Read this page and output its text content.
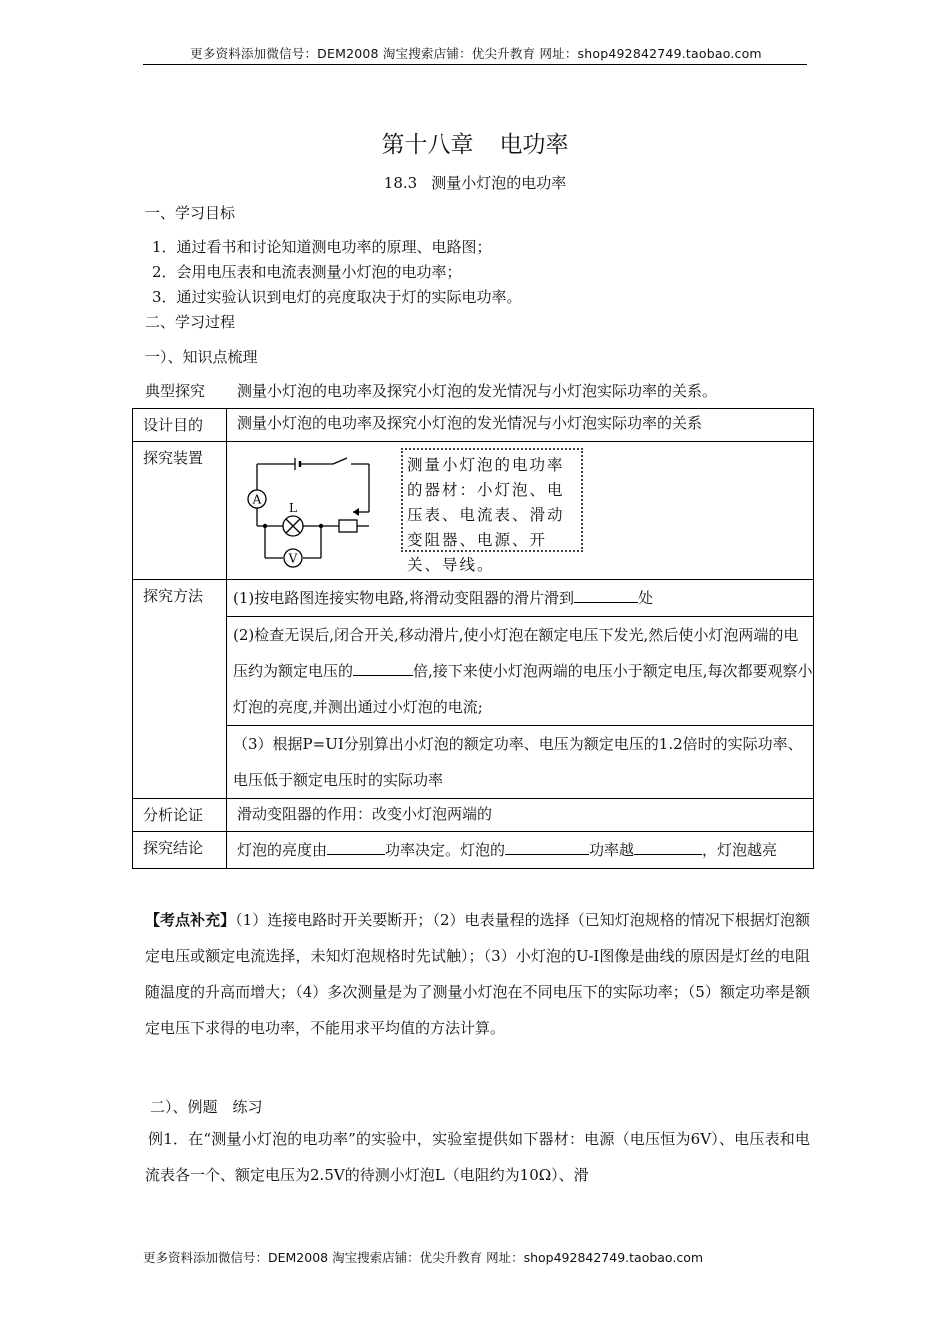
更多资料添加微信号：DEM2008 淘宝搜索店铺：优尖升教育 网址：shop492842749.taobao.com
第十八章 电功率
18.3 测量小灯泡的电功率
一、学习目标
1．通过看书和讨论知道测电功率的原理、电路图；
2．会用电压表和电流表测量小灯泡的电功率；
3．通过实验认识到电灯的亮度取决于灯的实际电功率。
二、学习过程
一）、知识点梳理
典型探究 测量小灯泡的电功率及探究小灯泡的发光情况与小灯泡实际功率的关系。
设计目的	测量小灯泡的电功率及探究小灯泡的发光情况与小灯泡实际功率的关系
探究装置	A
L
V
测量小灯泡的电功率的器材：小灯泡、电压表、电流表、滑动变阻器、电源、开关、导线。

探究方法	(1)按电路图连接实物电路,将滑动变阻器的滑片滑到 处
	(2)检查无误后,闭合开关,移动滑片,使小灯泡在额定电压下发光,然后使小灯泡两端的电压约为额定电压的 倍,接下来使小灯泡两端的电压小于额定电压,每次都要观察小灯泡的亮度,并测出通过小灯泡的电流;
	（3）根据P=UI分别算出小灯泡的额定功率、电压为额定电压的1.2倍时的实际功率、电压低于额定电压时的实际功率
分析论证	滑动变阻器的作用：改变小灯泡两端的
探究结论	灯泡的亮度由 功率决定。灯泡的 功率越 ，灯泡越亮
【考点补充】（1）连接电路时开关要断开；（2）电表量程的选择（已知灯泡规格的情况下根据灯泡额定电压或额定电流选择，未知灯泡规格时先试触）；（3）小灯泡的U-I图像是曲线的原因是灯丝的电阻随温度的升高而增大；（4）多次测量是为了测量小灯泡在不同电压下的实际功率；（5）额定功率是额定电压下求得的电功率，不能用求平均值的方法计算。
二）、例题　练习
例1．在“测量小灯泡的电功率”的实验中，实验室提供如下器材：电源（电压恒为6V）、电压表和电流表各一个、额定电压为2.5V的待测小灯泡L（电阻约为10Ω）、滑
更多资料添加微信号：DEM2008 淘宝搜索店铺：优尖升教育 网址：shop492842749.taobao.com
